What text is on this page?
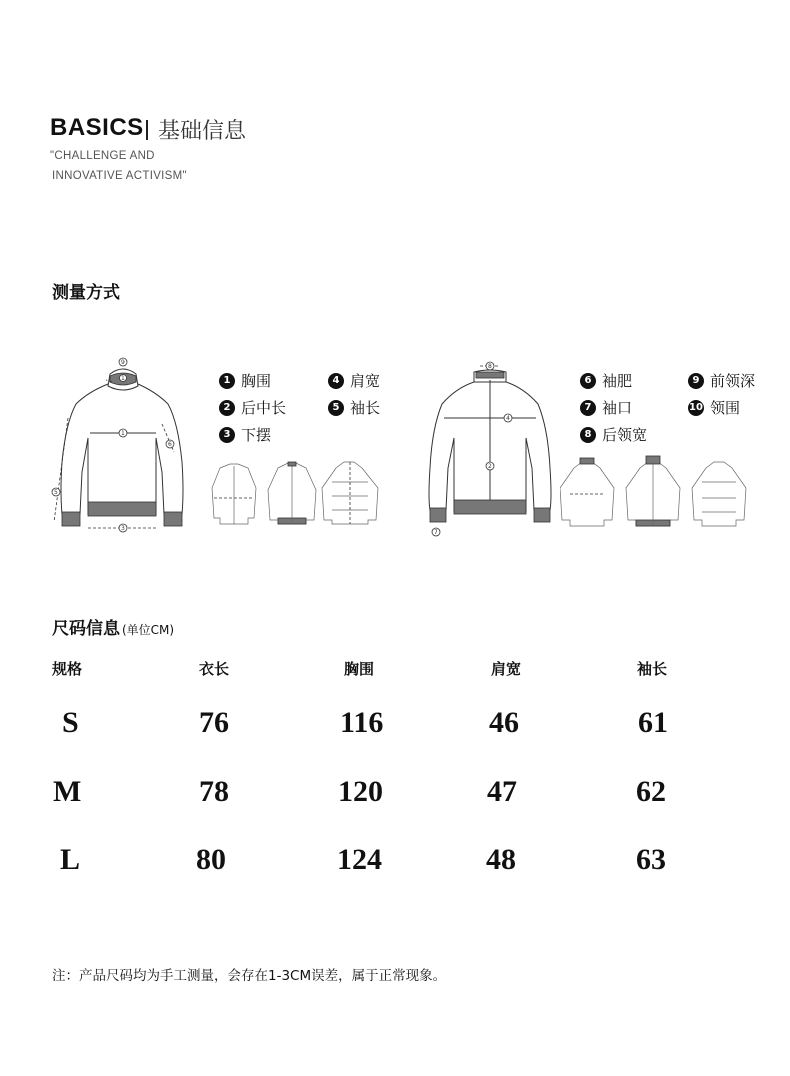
BASICS 基础信息
"CHALLENGE AND
INNOVATIVE ACTIVISM"
测量方式
1
3
5
6
9
1	1 胸围
2 后中长
3 下摆
4 肩宽
5 袖长
8
4
2
7
6 袖肥
7 袖口
8 后领宽
9 前领深
10 领围
尺码信息 (单位CM)
规格	衣长	胸围	肩宽	袖长
S	76	116	46	61
M	78	120	47	62
L	80	124	48	63
注：产品尺码均为手工测量，会存在1-3CM误差，属于正常现象。
